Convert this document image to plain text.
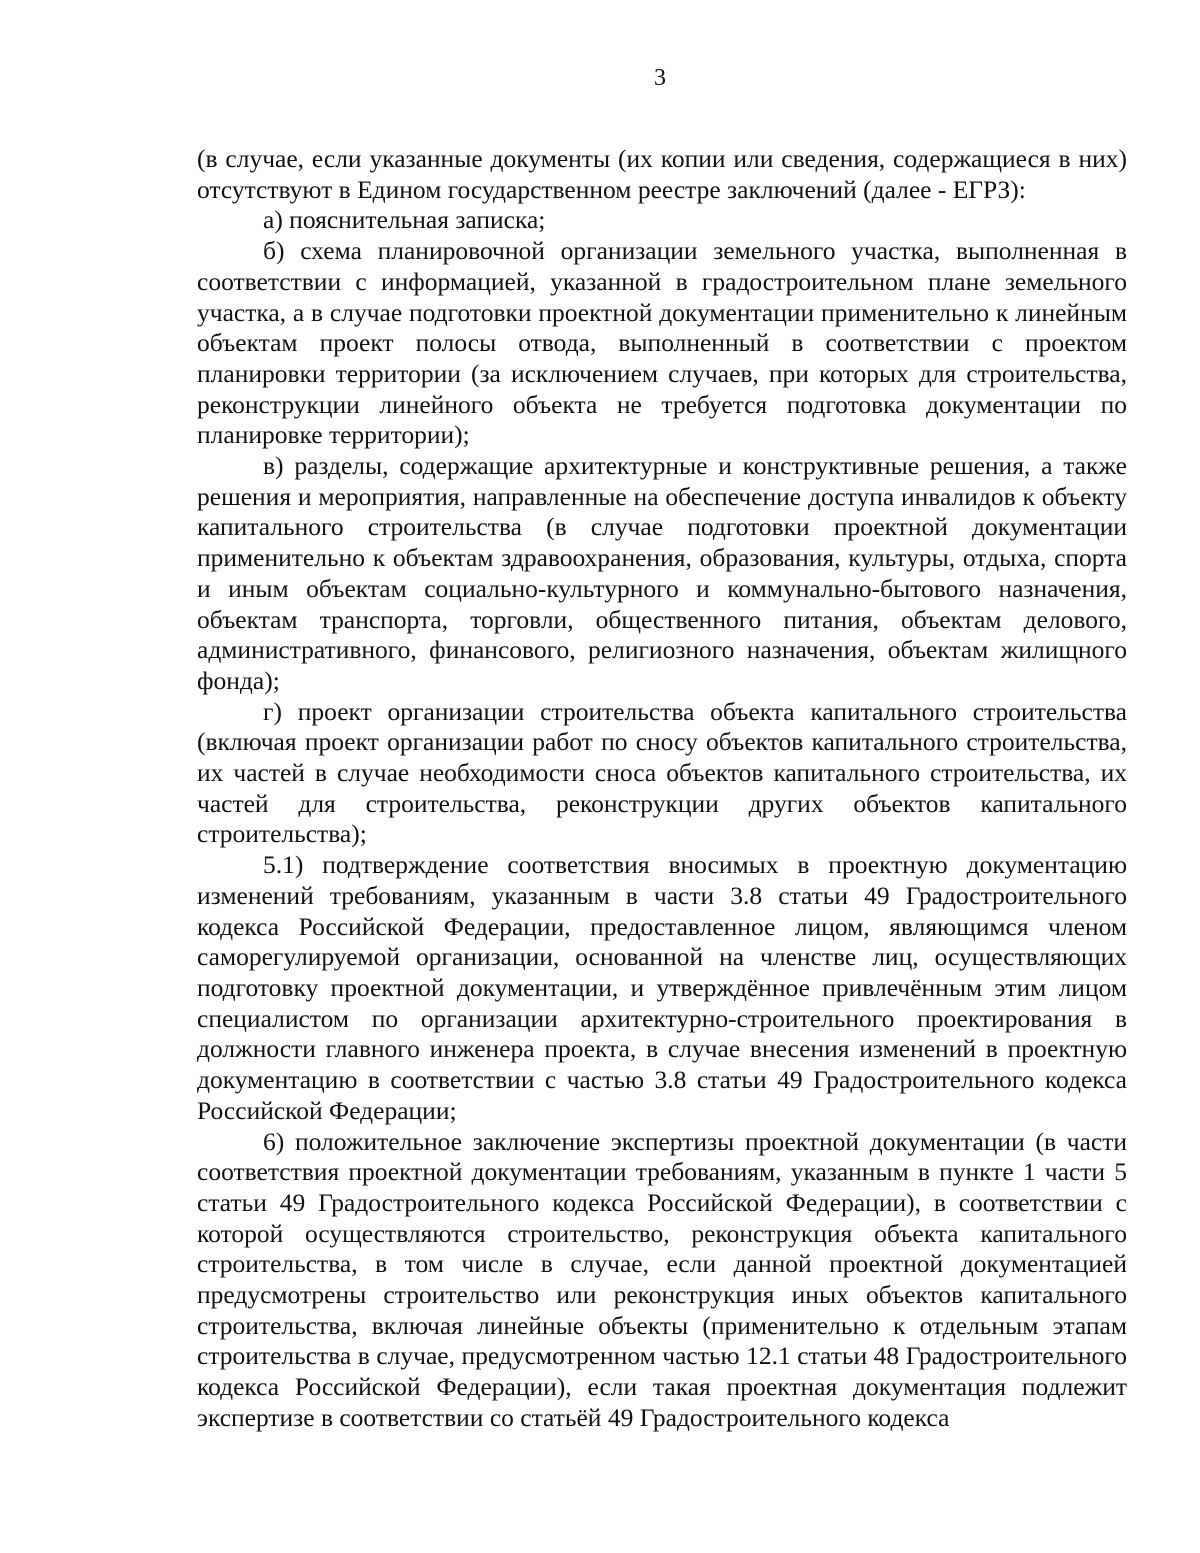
3

(в случае, если указанные документы (их копии или сведения, содержащиеся в них) отсутствуют в Едином государственном реестре заключений (далее - ЕГРЗ):

а) пояснительная записка;

б) схема планировочной организации земельного участка, выполненная в соответствии с информацией, указанной в градостроительном плане земельного участка, а в случае подготовки проектной документации применительно к линейным объектам проект полосы отвода, выполненный в соответствии с проектом планировки территории (за исключением случаев, при которых для строительства, реконструкции линейного объекта не требуется подготовка документации по планировке территории);

в) разделы, содержащие архитектурные и конструктивные решения, а также решения и мероприятия, направленные на обеспечение доступа инвалидов к объекту капитального строительства (в случае подготовки проектной документации применительно к объектам здравоохранения, образования, культуры, отдыха, спорта и иным объектам социально-культурного и коммунально-бытового назначения, объектам транспорта, торговли, общественного питания, объектам делового, административного, финансового, религиозного назначения, объектам жилищного фонда);

г) проект организации строительства объекта капитального строительства (включая проект организации работ по сносу объектов капитального строительства, их частей в случае необходимости сноса объектов капитального строительства, их частей для строительства, реконструкции других объектов капитального строительства);

5.1) подтверждение соответствия вносимых в проектную документацию изменений требованиям, указанным в части 3.8 статьи 49 Градостроительного кодекса Российской Федерации, предоставленное лицом, являющимся членом саморегулируемой организации, основанной на членстве лиц, осуществляющих подготовку проектной документации, и утверждённое привлечённым этим лицом специалистом по организации архитектурно-строительного проектирования в должности главного инженера проекта, в случае внесения изменений в проектную документацию в соответствии с частью 3.8 статьи 49 Градостроительного кодекса Российской Федерации;

6) положительное заключение экспертизы проектной документации (в части соответствия проектной документации требованиям, указанным в пункте 1 части 5 статьи 49 Градостроительного кодекса Российской Федерации), в соответствии с которой осуществляются строительство, реконструкция объекта капитального строительства, в том числе в случае, если данной проектной документацией предусмотрены строительство или реконструкция иных объектов капитального строительства, включая линейные объекты (применительно к отдельным этапам строительства в случае, предусмотренном частью 12.1 статьи 48 Градостроительного кодекса Российской Федерации), если такая проектная документация подлежит экспертизе в соответствии со статьёй 49 Градостроительного кодекса
